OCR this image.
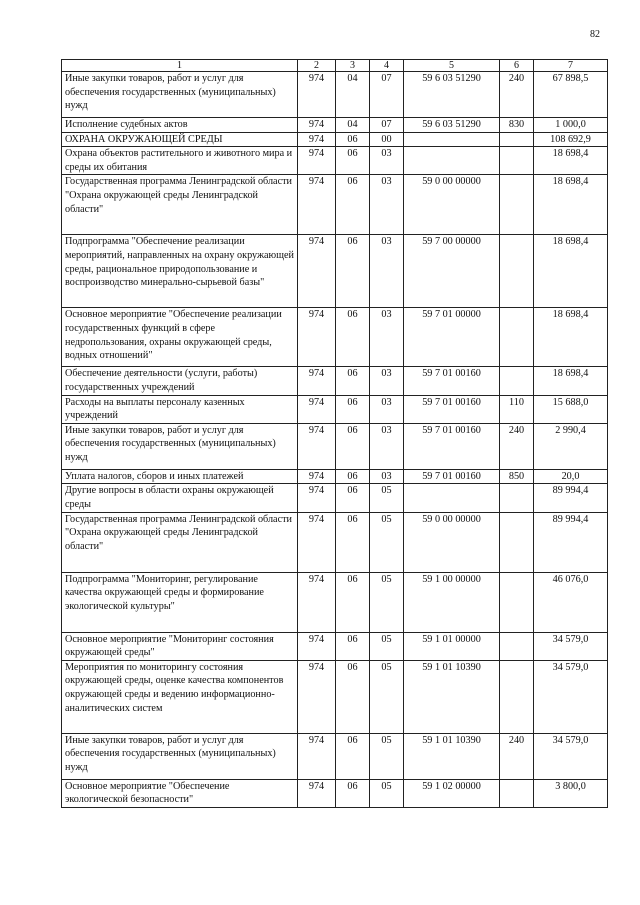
82
1	2	3	4	5	6	7
Иные закупки товаров, работ и услуг для обеспечения государственных (муниципальных) нужд	974	04	07	59 6 03 51290	240	67 898,5
Исполнение судебных актов	974	04	07	59 6 03 51290	830	1 000,0
ОХРАНА ОКРУЖАЮЩЕЙ СРЕДЫ	974	06	00			108 692,9
Охрана объектов растительного и животного мира и среды их обитания	974	06	03			18 698,4
Государственная программа Ленинградской области "Охрана окружающей среды Ленинградской области"	974	06	03	59 0 00 00000		18 698,4
Подпрограмма "Обеспечение реализации мероприятий, направленных на охрану окружающей среды, рациональное природопользование и воспроизводство минерально-сырьевой базы"	974	06	03	59 7 00 00000		18 698,4
Основное мероприятие "Обеспечение реализации государственных функций в сфере недропользования, охраны окружающей среды, водных отношений"	974	06	03	59 7 01 00000		18 698,4
Обеспечение деятельности (услуги, работы) государственных учреждений	974	06	03	59 7 01 00160		18 698,4
Расходы на выплаты персоналу казенных учреждений	974	06	03	59 7 01 00160	110	15 688,0
Иные закупки товаров, работ и услуг для обеспечения государственных (муниципальных) нужд	974	06	03	59 7 01 00160	240	2 990,4
Уплата налогов, сборов и иных платежей	974	06	03	59 7 01 00160	850	20,0
Другие вопросы в области охраны окружающей среды	974	06	05			89 994,4
Государственная программа Ленинградской области "Охрана окружающей среды Ленинградской области"	974	06	05	59 0 00 00000		89 994,4
Подпрограмма "Мониторинг, регулирование качества окружающей среды и формирование экологической культуры"	974	06	05	59 1 00 00000		46 076,0
Основное мероприятие "Мониторинг состояния окружающей среды"	974	06	05	59 1 01 00000		34 579,0
Мероприятия по мониторингу состояния окружающей среды, оценке качества компонентов окружающей среды и ведению информационно-аналитических систем	974	06	05	59 1 01 10390		34 579,0
Иные закупки товаров, работ и услуг для обеспечения государственных (муниципальных) нужд	974	06	05	59 1 01 10390	240	34 579,0
Основное мероприятие "Обеспечение экологической безопасности"	974	06	05	59 1 02 00000		3 800,0
